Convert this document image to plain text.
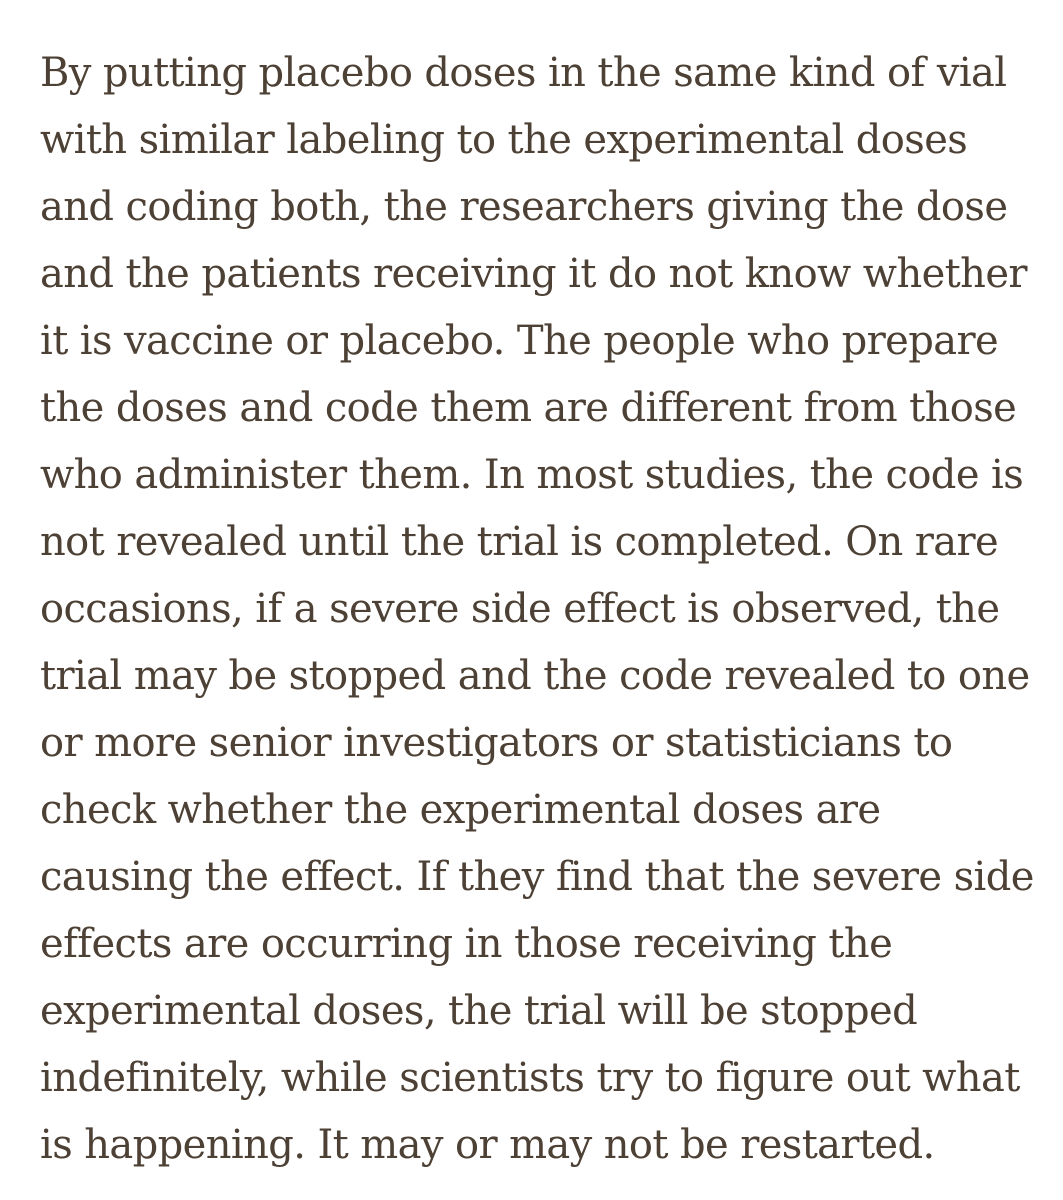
By putting placebo doses in the same kind of vial
with similar labeling to the experimental doses
and coding both, the researchers giving the dose
and the patients receiving it do not know whether
it is vaccine or placebo. The people who prepare
the doses and code them are different from those
who administer them. In most studies, the code is
not revealed until the trial is completed. On rare
occasions, if a severe side effect is observed, the
trial may be stopped and the code revealed to one
or more senior investigators or statisticians to
check whether the experimental doses are
causing the effect. If they find that the severe side
effects are occurring in those receiving the
experimental doses, the trial will be stopped
indefinitely, while scientists try to figure out what
is happening. It may or may not be restarted.
